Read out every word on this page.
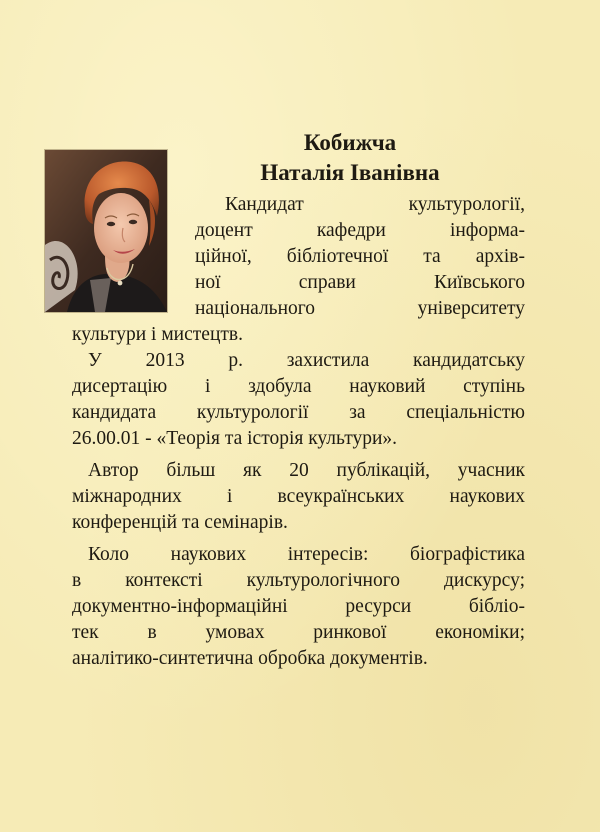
Кобижча
Наталія Іванівна

Кандидат культурології,

доцент кафедри інформа-

ційної, бібліотечної та архів-

ної справи Київського

національного університету

культури і мистецтв.

У 2013 р. захистила кандидатську

дисертацію і здобула науковий ступінь

кандидата культурології за спеціальністю

26.00.01 - «Теорія та історія культури».

Автор більш як 20 публікацій, учасник

міжнародних і всеукраїнських наукових

конференцій та семінарів.

Коло наукових інтересів: біографістика

в контексті культурологічного дискурсу;

документно-інформаційні ресурси бібліо-

тек в умовах ринкової економіки;

аналітико-синтетична обробка документів.
